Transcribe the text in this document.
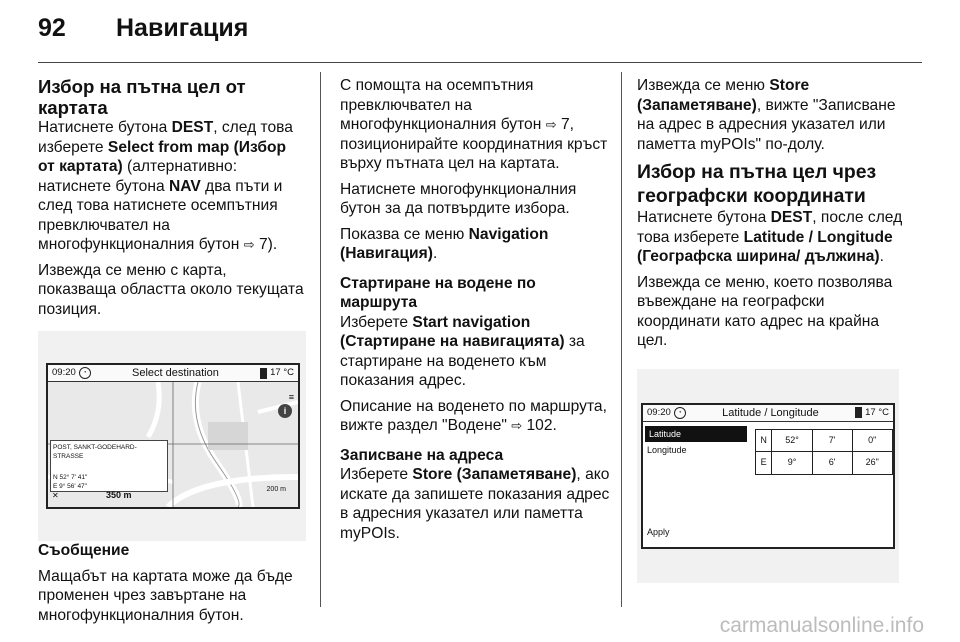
92	Навигация
Избор на пътна цел от картата

Натиснете бутона DEST, след това изберете Select from map (Избор от картата) (алтернативно: натиснете бутона NAV два пъти и след това натиснете осемпътния превключвател на многофункционалния бутон ⇨ 7).

Извежда се меню с карта, показваща областта около текущата позиция.

09:20	◔	Select destination	17 °C
≡
i
POST, SANKT-GODEHARD-STRASSE
N 52° 7' 41"
E 9° 56' 47"
✕	350 m
200 m

Съобщение

Мащабът на картата може да бъде променен чрез завъртане на многофункционалния бутон.

С помощта на осемпътния превключвател на многофункционалния бутон ⇨ 7, позиционирайте координатния кръст върху пътната цел на картата.

Натиснете многофункционалния бутон за да потвърдите избора.

Показва се меню Navigation (Навигация).

Стартиране на водене по маршрута

Изберете Start navigation (Стартиране на навигацията) за стартиране на воденето към показания адрес.

Описание на воденето по маршрута, вижте раздел "Водене" ⇨ 102.

Записване на адреса

Изберете Store (Запаметяване), ако искате да запишете показания адрес в адресния указател или паметта myPOIs.

Извежда се меню Store (Запаметяване), вижте "Записване на адрес в адресния указател или паметта myPOIs" по-долу.

Избор на пътна цел чрез географски координати

Натиснете бутона DEST, после след това изберете Latitude / Longitude (Географска ширина/ дължина).

Извежда се меню, което позволява въвеждане на географски координати като адрес на крайна цел.

09:20	◔	Latitude / Longitude	17 °C
Latitude
Longitude
Apply
N	52°	7'	0"
E	9°	6'	26"
carmanualsonline.info
